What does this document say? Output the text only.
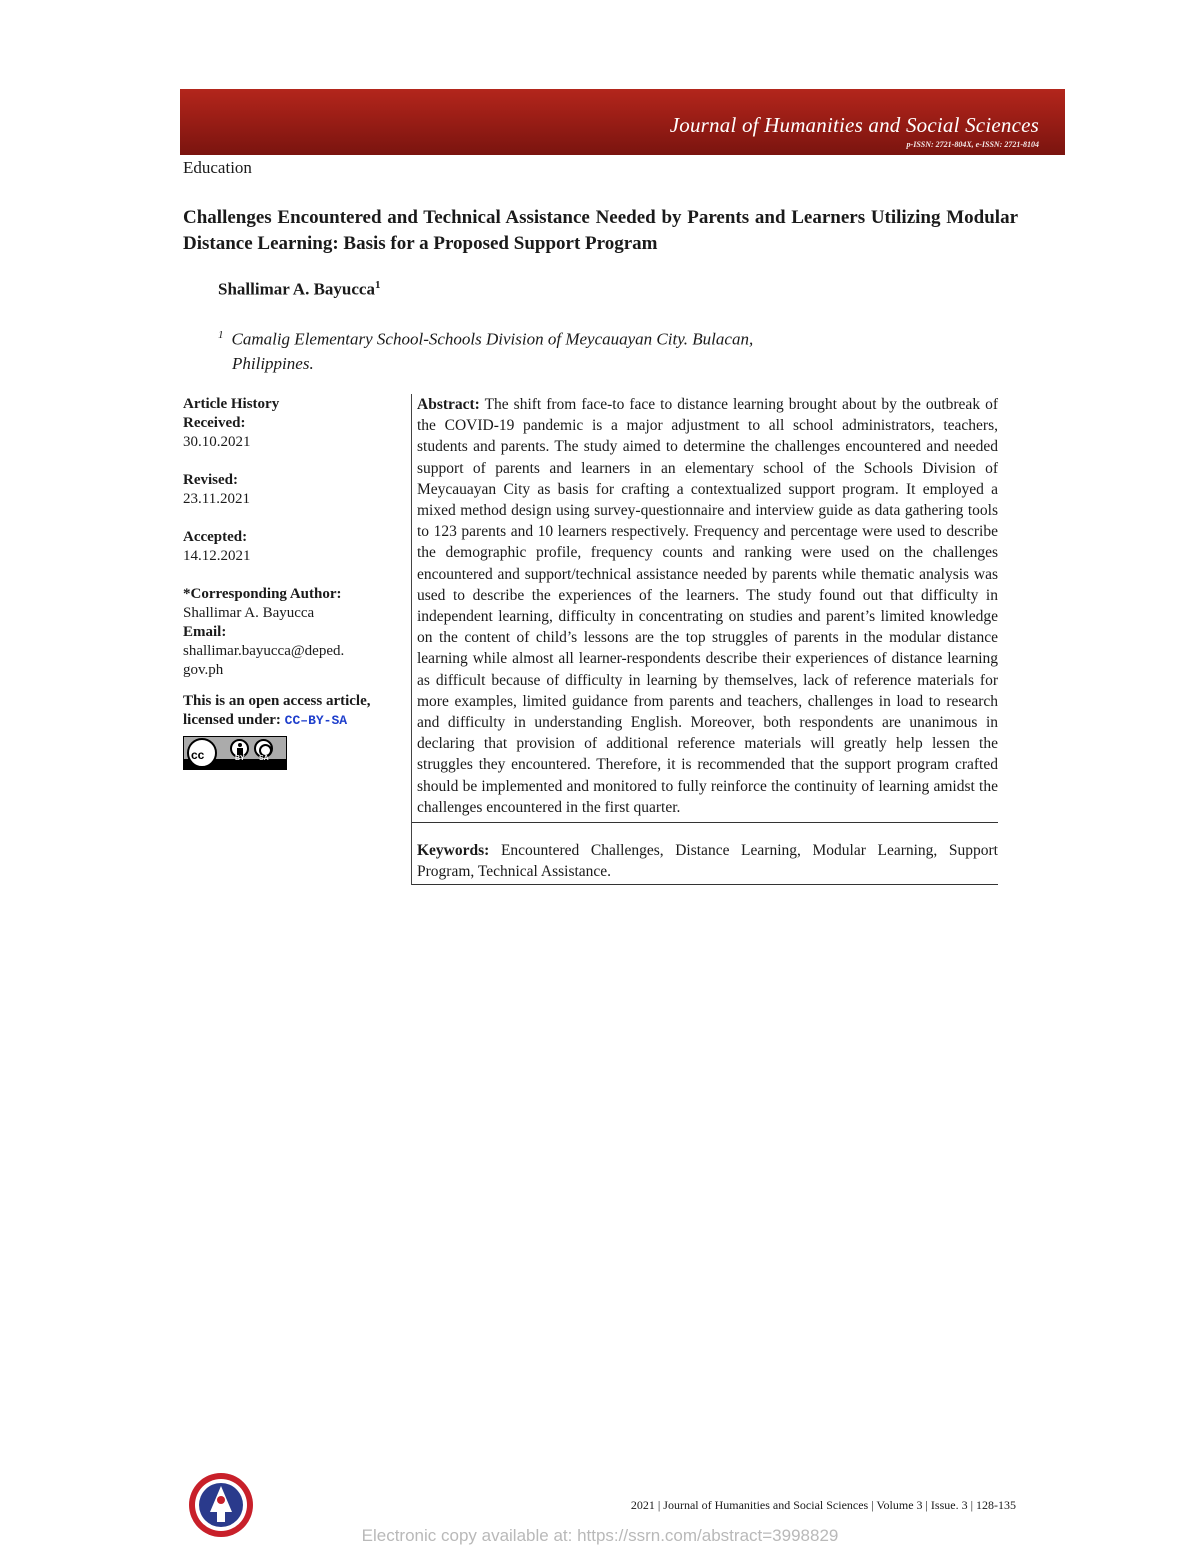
Journal of Humanities and Social Sciences
p-ISSN: 2721-804X, e-ISSN: 2721-8104
Education
Challenges Encountered and Technical Assistance Needed by Parents and Learners Utilizing Modular Distance Learning: Basis for a Proposed Support Program
Shallimar A. Bayucca$^1$
$^1$ Camalig Elementary School-Schools Division of Meycauayan City. Bulacan,
Philippines.
Article History
Received:
30.10.2021
Revised:
23.11.2021
Accepted:
14.12.2021
*Corresponding Author:
Shallimar A. Bayucca
Email:
shallimar.bayucca@deped.
gov.ph
This is an open access article,
licensed under: CC–BY-SA
cc	BY SA

Abstract: The shift from face-to face to distance learning brought about by the outbreak of the COVID-19 pandemic is a major adjustment to all school administrators, teachers, students and parents. The study aimed to determine the challenges encountered and needed support of parents and learners in an elementary school of the Schools Division of Meycauayan City as basis for crafting a contextualized support program. It employed a mixed method design using survey-questionnaire and interview guide as data gathering tools to 123 parents and 10 learners respectively. Frequency and percentage were used to describe the demographic profile, frequency counts and ranking were used on the challenges encountered and support/technical assistance needed by parents while thematic analysis was used to describe the experiences of the learners. The study found out that difficulty in independent learning, difficulty in concentrating on studies and parent’s limited knowledge on the content of child’s lessons are the top struggles of parents in the modular distance learning while almost all learner-respondents describe their experiences of distance learning as difficult because of difficulty in learning by themselves, lack of reference materials for more examples, limited guidance from parents and teachers, challenges in load to research and difficulty in understanding English. Moreover, both respondents are unanimous in declaring that provision of additional reference materials will greatly help lessen the struggles they encountered. Therefore, it is recommended that the support program crafted should be implemented and monitored to fully reinforce the continuity of learning amidst the challenges encountered in the first quarter.

Keywords: Encountered Challenges, Distance Learning, Modular Learning, Support Program, Technical Assistance.

2021 | Journal of Humanities and Social Sciences | Volume 3 | Issue. 3 | 128-135
Electronic copy available at: https://ssrn.com/abstract=3998829
